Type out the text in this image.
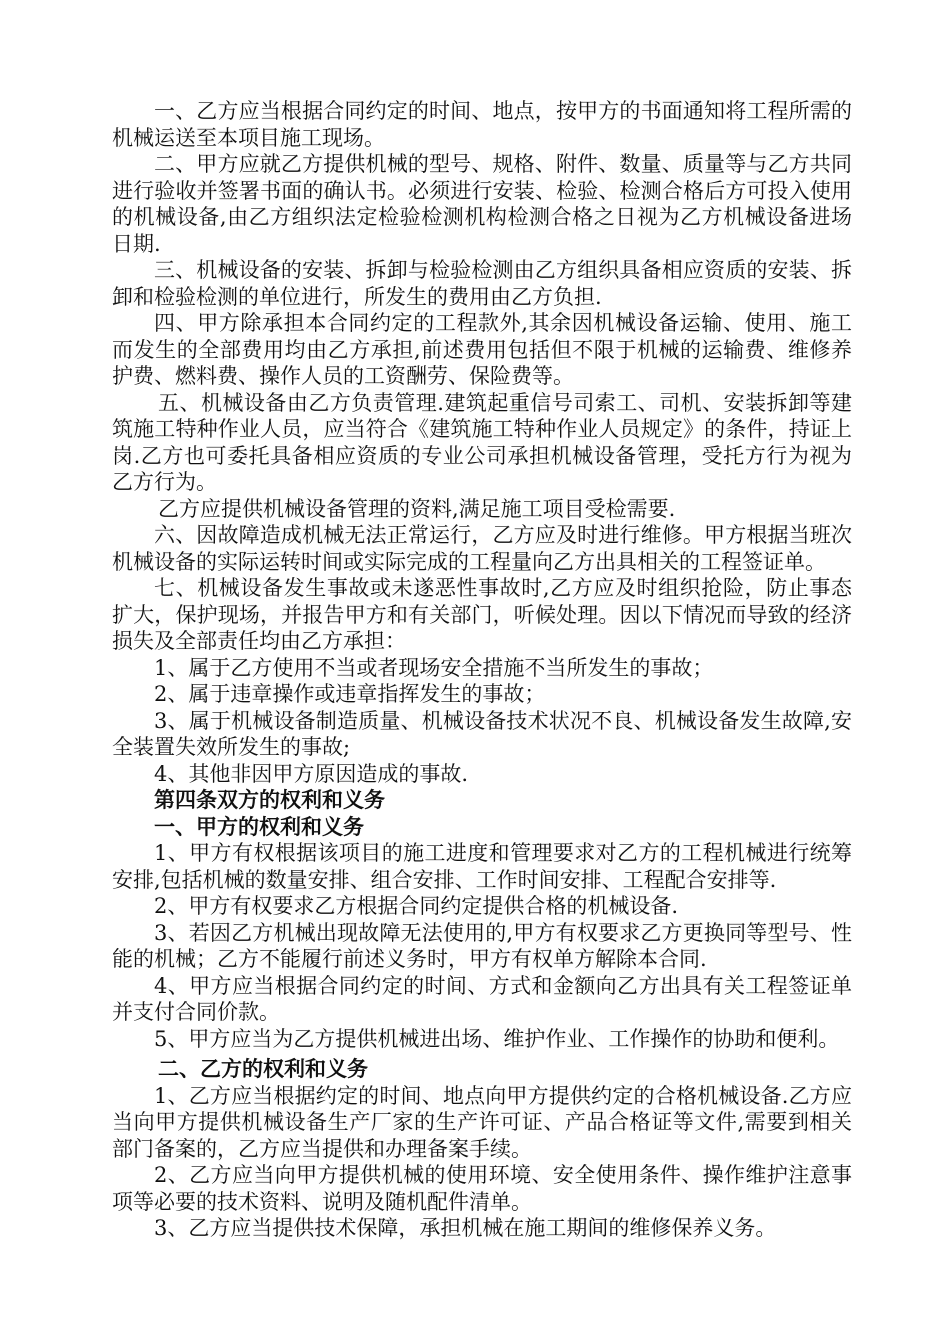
一、乙方应当根据合同约定的时间、地点，按甲方的书面通知将工程所需的机械运送至本项目施工现场。

二、甲方应就乙方提供机械的型号、规格、附件、数量、质量等与乙方共同进行验收并签署书面的确认书。必须进行安装、检验、检测合格后方可投入使用的机械设备,由乙方组织法定检验检测机构检测合格之日视为乙方机械设备进场日期.

三、机械设备的安装、拆卸与检验检测由乙方组织具备相应资质的安装、拆卸和检验检测的单位进行，所发生的费用由乙方负担.

四、甲方除承担本合同约定的工程款外,其余因机械设备运输、使用、施工而发生的全部费用均由乙方承担,前述费用包括但不限于机械的运输费、维修养护费、燃料费、操作人员的工资酬劳、保险费等。

五、机械设备由乙方负责管理.建筑起重信号司索工、司机、安装拆卸等建筑施工特种作业人员，应当符合《建筑施工特种作业人员规定》的条件，持证上岗.乙方也可委托具备相应资质的专业公司承担机械设备管理，受托方行为视为乙方行为。

乙方应提供机械设备管理的资料,满足施工项目受检需要.

六、因故障造成机械无法正常运行，乙方应及时进行维修。甲方根据当班次机械设备的实际运转时间或实际完成的工程量向乙方出具相关的工程签证单。

七、机械设备发生事故或未遂恶性事故时,乙方应及时组织抢险，防止事态扩大，保护现场，并报告甲方和有关部门，听候处理。因以下情况而导致的经济损失及全部责任均由乙方承担：

1、属于乙方使用不当或者现场安全措施不当所发生的事故；

2、属于违章操作或违章指挥发生的事故；

3、属于机械设备制造质量、机械设备技术状况不良、机械设备发生故障,安全装置失效所发生的事故;

4、其他非因甲方原因造成的事故.

第四条双方的权利和义务
一、甲方的权利和义务

1、甲方有权根据该项目的施工进度和管理要求对乙方的工程机械进行统筹安排,包括机械的数量安排、组合安排、工作时间安排、工程配合安排等.

2、甲方有权要求乙方根据合同约定提供合格的机械设备.

3、若因乙方机械出现故障无法使用的,甲方有权要求乙方更换同等型号、性能的机械；乙方不能履行前述义务时，甲方有权单方解除本合同.

4、甲方应当根据合同约定的时间、方式和金额向乙方出具有关工程签证单并支付合同价款。

5、甲方应当为乙方提供机械进出场、维护作业、工作操作的协助和便利。

二、乙方的权利和义务

1、乙方应当根据约定的时间、地点向甲方提供约定的合格机械设备.乙方应当向甲方提供机械设备生产厂家的生产许可证、产品合格证等文件,需要到相关部门备案的，乙方应当提供和办理备案手续。

2、乙方应当向甲方提供机械的使用环境、安全使用条件、操作维护注意事项等必要的技术资料、说明及随机配件清单。

3、乙方应当提供技术保障，承担机械在施工期间的维修保养义务。
